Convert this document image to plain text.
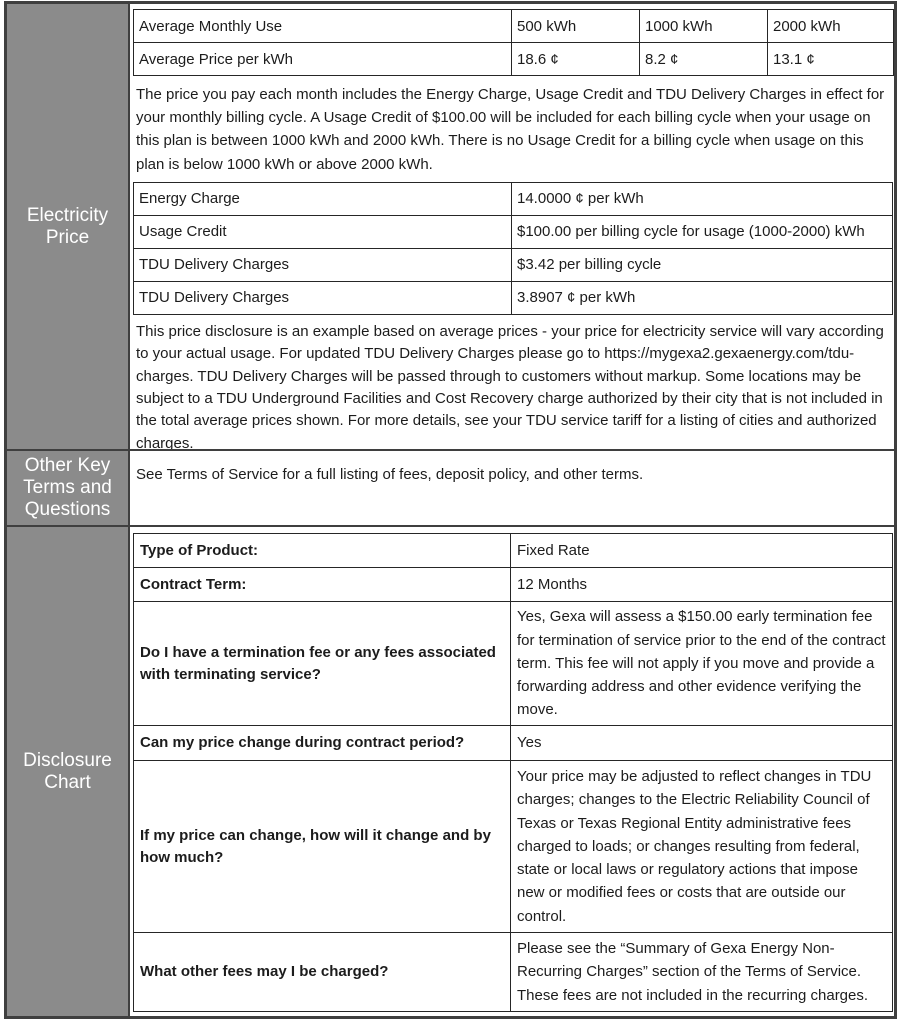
Electricity Price
Average Monthly Use	500 kWh	1000 kWh	2000 kWh
Average Price per kWh	18.6 ¢	8.2 ¢	13.1 ¢

The price you pay each month includes the Energy Charge, Usage Credit and TDU Delivery Charges in effect for your monthly billing cycle. A Usage Credit of $100.00 will be included for each billing cycle when your usage on this plan is between 1000 kWh and 2000 kWh. There is no Usage Credit for a billing cycle when usage on this plan is below 1000 kWh or above 2000 kWh.

Energy Charge	14.0000 ¢ per kWh
Usage Credit	$100.00 per billing cycle for usage (1000-2000) kWh
TDU Delivery Charges	$3.42 per billing cycle
TDU Delivery Charges	3.8907 ¢ per kWh

This price disclosure is an example based on average prices - your price for electricity service will vary according to your actual usage. For updated TDU Delivery Charges please go to https://mygexa2.gexaenergy.com/tdu-charges. TDU Delivery Charges will be passed through to customers without markup. Some locations may be subject to a TDU Underground Facilities and Cost Recovery charge authorized by their city that is not included in the total average prices shown. For more details, see your TDU service tariff for a listing of cities and authorized charges.

Other Key Terms and Questions
See Terms of Service for a full listing of fees, deposit policy, and other terms.
Disclosure Chart
Type of Product:	Fixed Rate
Contract Term:	12 Months
Do I have a termination fee or any fees associated with terminating service?	Yes, Gexa will assess a $150.00 early termination fee for termination of service prior to the end of the contract term. This fee will not apply if you move and provide a forwarding address and other evidence verifying the move.
Can my price change during contract period?	Yes
If my price can change, how will it change and by how much?	Your price may be adjusted to reflect changes in TDU charges; changes to the Electric Reliability Council of Texas or Texas Regional Entity administrative fees charged to loads; or changes resulting from federal, state or local laws or regulatory actions that impose new or modified fees or costs that are outside our control.
What other fees may I be charged?	Please see the “Summary of Gexa Energy Non-Recurring Charges” section of the Terms of Service. These fees are not included in the recurring charges.
